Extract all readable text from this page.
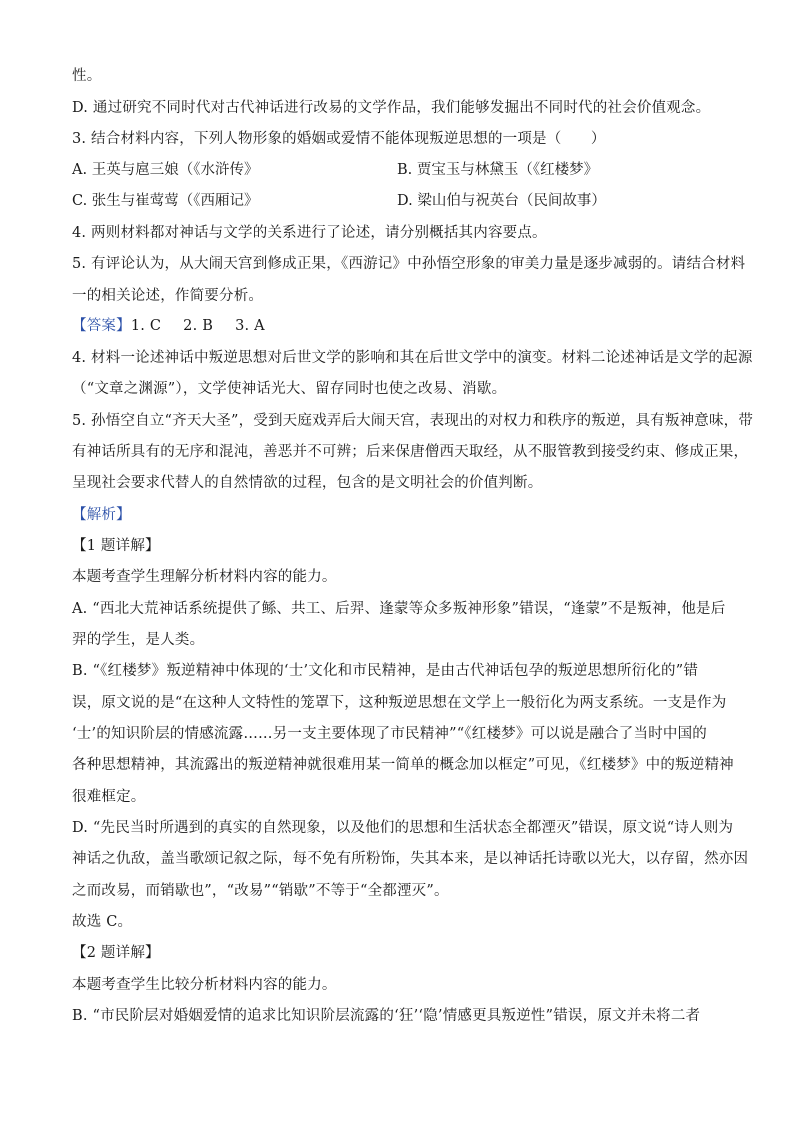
性。
D. 通过研究不同时代对古代神话进行改易的文学作品，我们能够发掘出不同时代的社会价值观念。
3. 结合材料内容，下列人物形象的婚姻或爱情不能体现叛逆思想的一项是（　　）
A. 王英与扈三娘（《水浒传》	B. 贾宝玉与林黛玉（《红楼梦》
C. 张生与崔莺莺（《西厢记》	D. 梁山伯与祝英台（民间故事）
4. 两则材料都对神话与文学的关系进行了论述，请分别概括其内容要点。
5. 有评论认为，从大闹天宫到修成正果，《西游记》中孙悟空形象的审美力量是逐步减弱的。请结合材料
一的相关论述，作简要分析。
【答案】1. C 2. B 3. A
4. 材料一论述神话中叛逆思想对后世文学的影响和其在后世文学中的演变。材料二论述神话是文学的起源
（“文章之渊源”），文学使神话光大、留存同时也使之改易、消歇。
5. 孙悟空自立“齐天大圣”，受到天庭戏弄后大闹天宫，表现出的对权力和秩序的叛逆，具有叛神意味，带
有神话所具有的无序和混沌，善恶并不可辨；后来保唐僧西天取经，从不服管教到接受约束、修成正果，
呈现社会要求代替人的自然情欲的过程，包含的是文明社会的价值判断。
【解析】
【1 题详解】
本题考查学生理解分析材料内容的能力。
A. “西北大荒神话系统提供了鲧、共工、后羿、逢蒙等众多叛神形象”错误，“逢蒙”不是叛神，他是后
羿的学生，是人类。
B. “《红楼梦》叛逆精神中体现的‘士’文化和市民精神，是由古代神话包孕的叛逆思想所衍化的”错
误，原文说的是“在这种人文特性的笼罩下，这种叛逆思想在文学上一般衍化为两支系统。一支是作为
‘士’的知识阶层的情感流露……另一支主要体现了市民精神”“《红楼梦》可以说是融合了当时中国的
各种思想精神，其流露出的叛逆精神就很难用某一简单的概念加以框定”可见，《红楼梦》中的叛逆精神
很难框定。
D. “先民当时所遇到的真实的自然现象，以及他们的思想和生活状态全都湮灭”错误，原文说“诗人则为
神话之仇敌，盖当歌颂记叙之际，每不免有所粉饰，失其本来，是以神话托诗歌以光大，以存留，然亦因
之而改易，而销歇也”，“改易”“销歇”不等于“全都湮灭”。
故选 C。
【2 题详解】
本题考查学生比较分析材料内容的能力。
B. “市民阶层对婚姻爱情的追求比知识阶层流露的‘狂’‘隐’情感更具叛逆性”错误，原文并未将二者
